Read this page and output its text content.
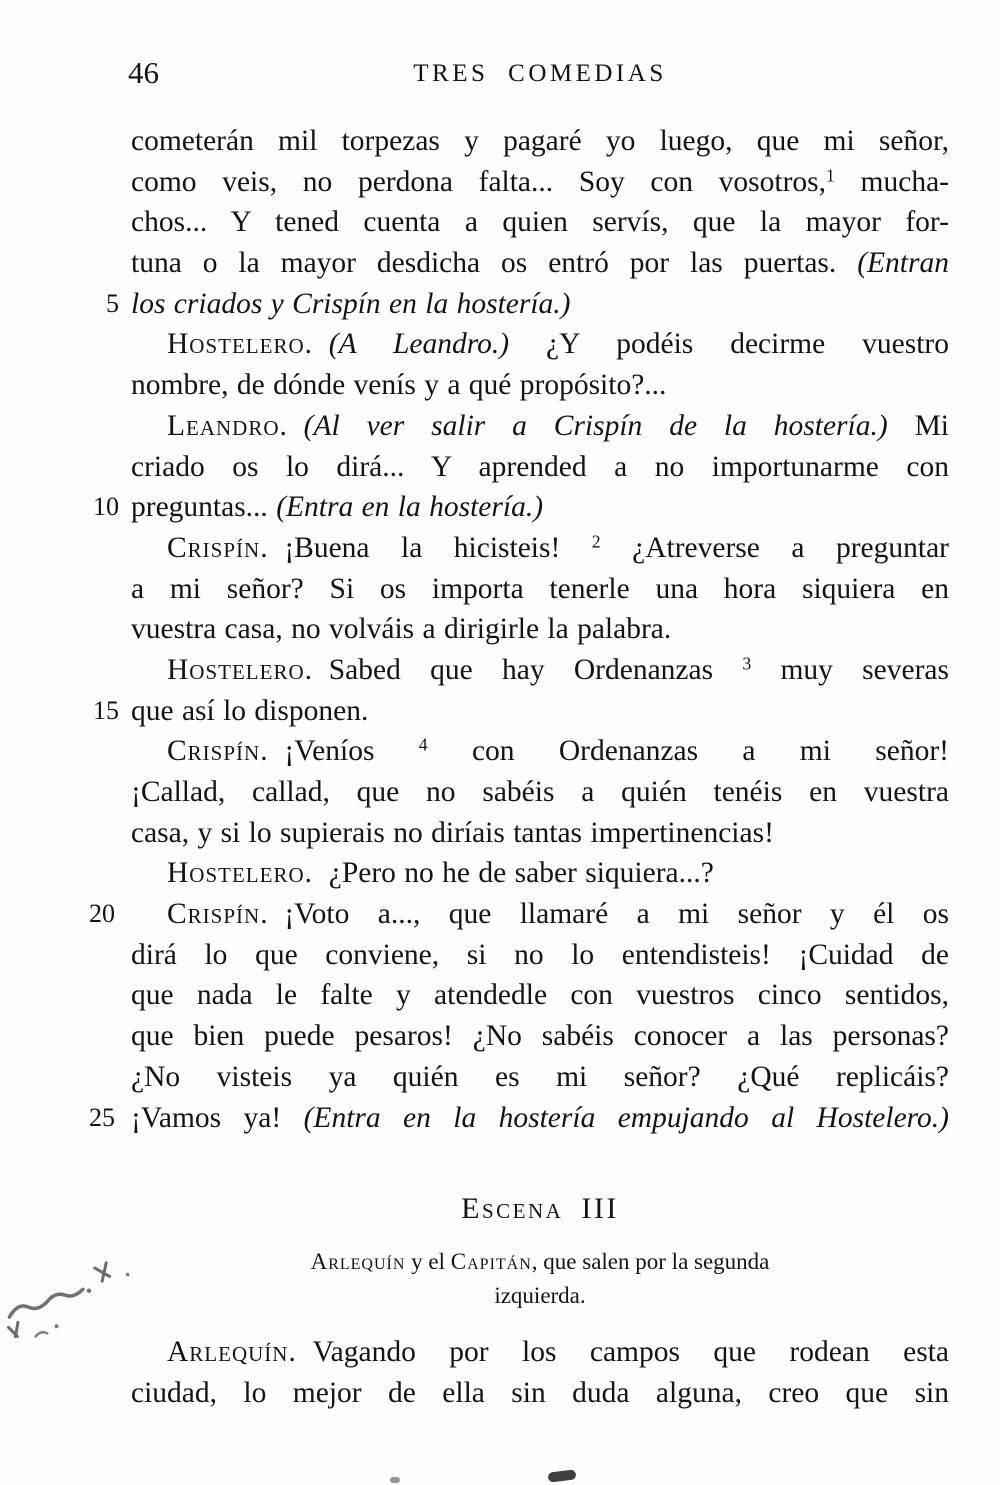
46	TRES COMEDIAS
cometerán mil torpezas y pagaré yo luego, que mi señor,
como veis, no perdona falta... Soy con vosotros,$^1$ mucha-
chos... Y tened cuenta a quien servís, que la mayor for-
tuna o la mayor desdicha os entró por las puertas. (Entran
5 los criados y Crispín en la hostería.)
Hostelero. (A Leandro.) ¿Y podéis decirme vuestro
nombre, de dónde venís y a qué propósito?...
Leandro. (Al ver salir a Crispín de la hostería.) Mi
criado os lo dirá... Y aprended a no importunarme con
10 preguntas... (Entra en la hostería.)
Crispín. ¡Buena la hicisteis! $^2$ ¿Atreverse a preguntar
a mi señor? Si os importa tenerle una hora siquiera en
vuestra casa, no volváis a dirigirle la palabra.
Hostelero. Sabed que hay Ordenanzas $^3$ muy severas
15 que así lo disponen.
Crispín. ¡Veníos $^4$ con Ordenanzas a mi señor!
¡Callad, callad, que no sabéis a quién tenéis en vuestra
casa, y si lo supierais no diríais tantas impertinencias!
Hostelero. ¿Pero no he de saber siquiera...?
20 Crispín. ¡Voto a..., que llamaré a mi señor y él os
dirá lo que conviene, si no lo entendisteis! ¡Cuidad de
que nada le falte y atendedle con vuestros cinco sentidos,
que bien puede pesaros! ¿No sabéis conocer a las personas?
¿No visteis ya quién es mi señor? ¿Qué replicáis?
25 ¡Vamos ya! (Entra en la hostería empujando al Hostelero.)
Escena III
Arlequín y el Capitán, que salen por la segunda
izquierda.
Arlequín. Vagando por los campos que rodean esta
ciudad, lo mejor de ella sin duda alguna, creo que sin
